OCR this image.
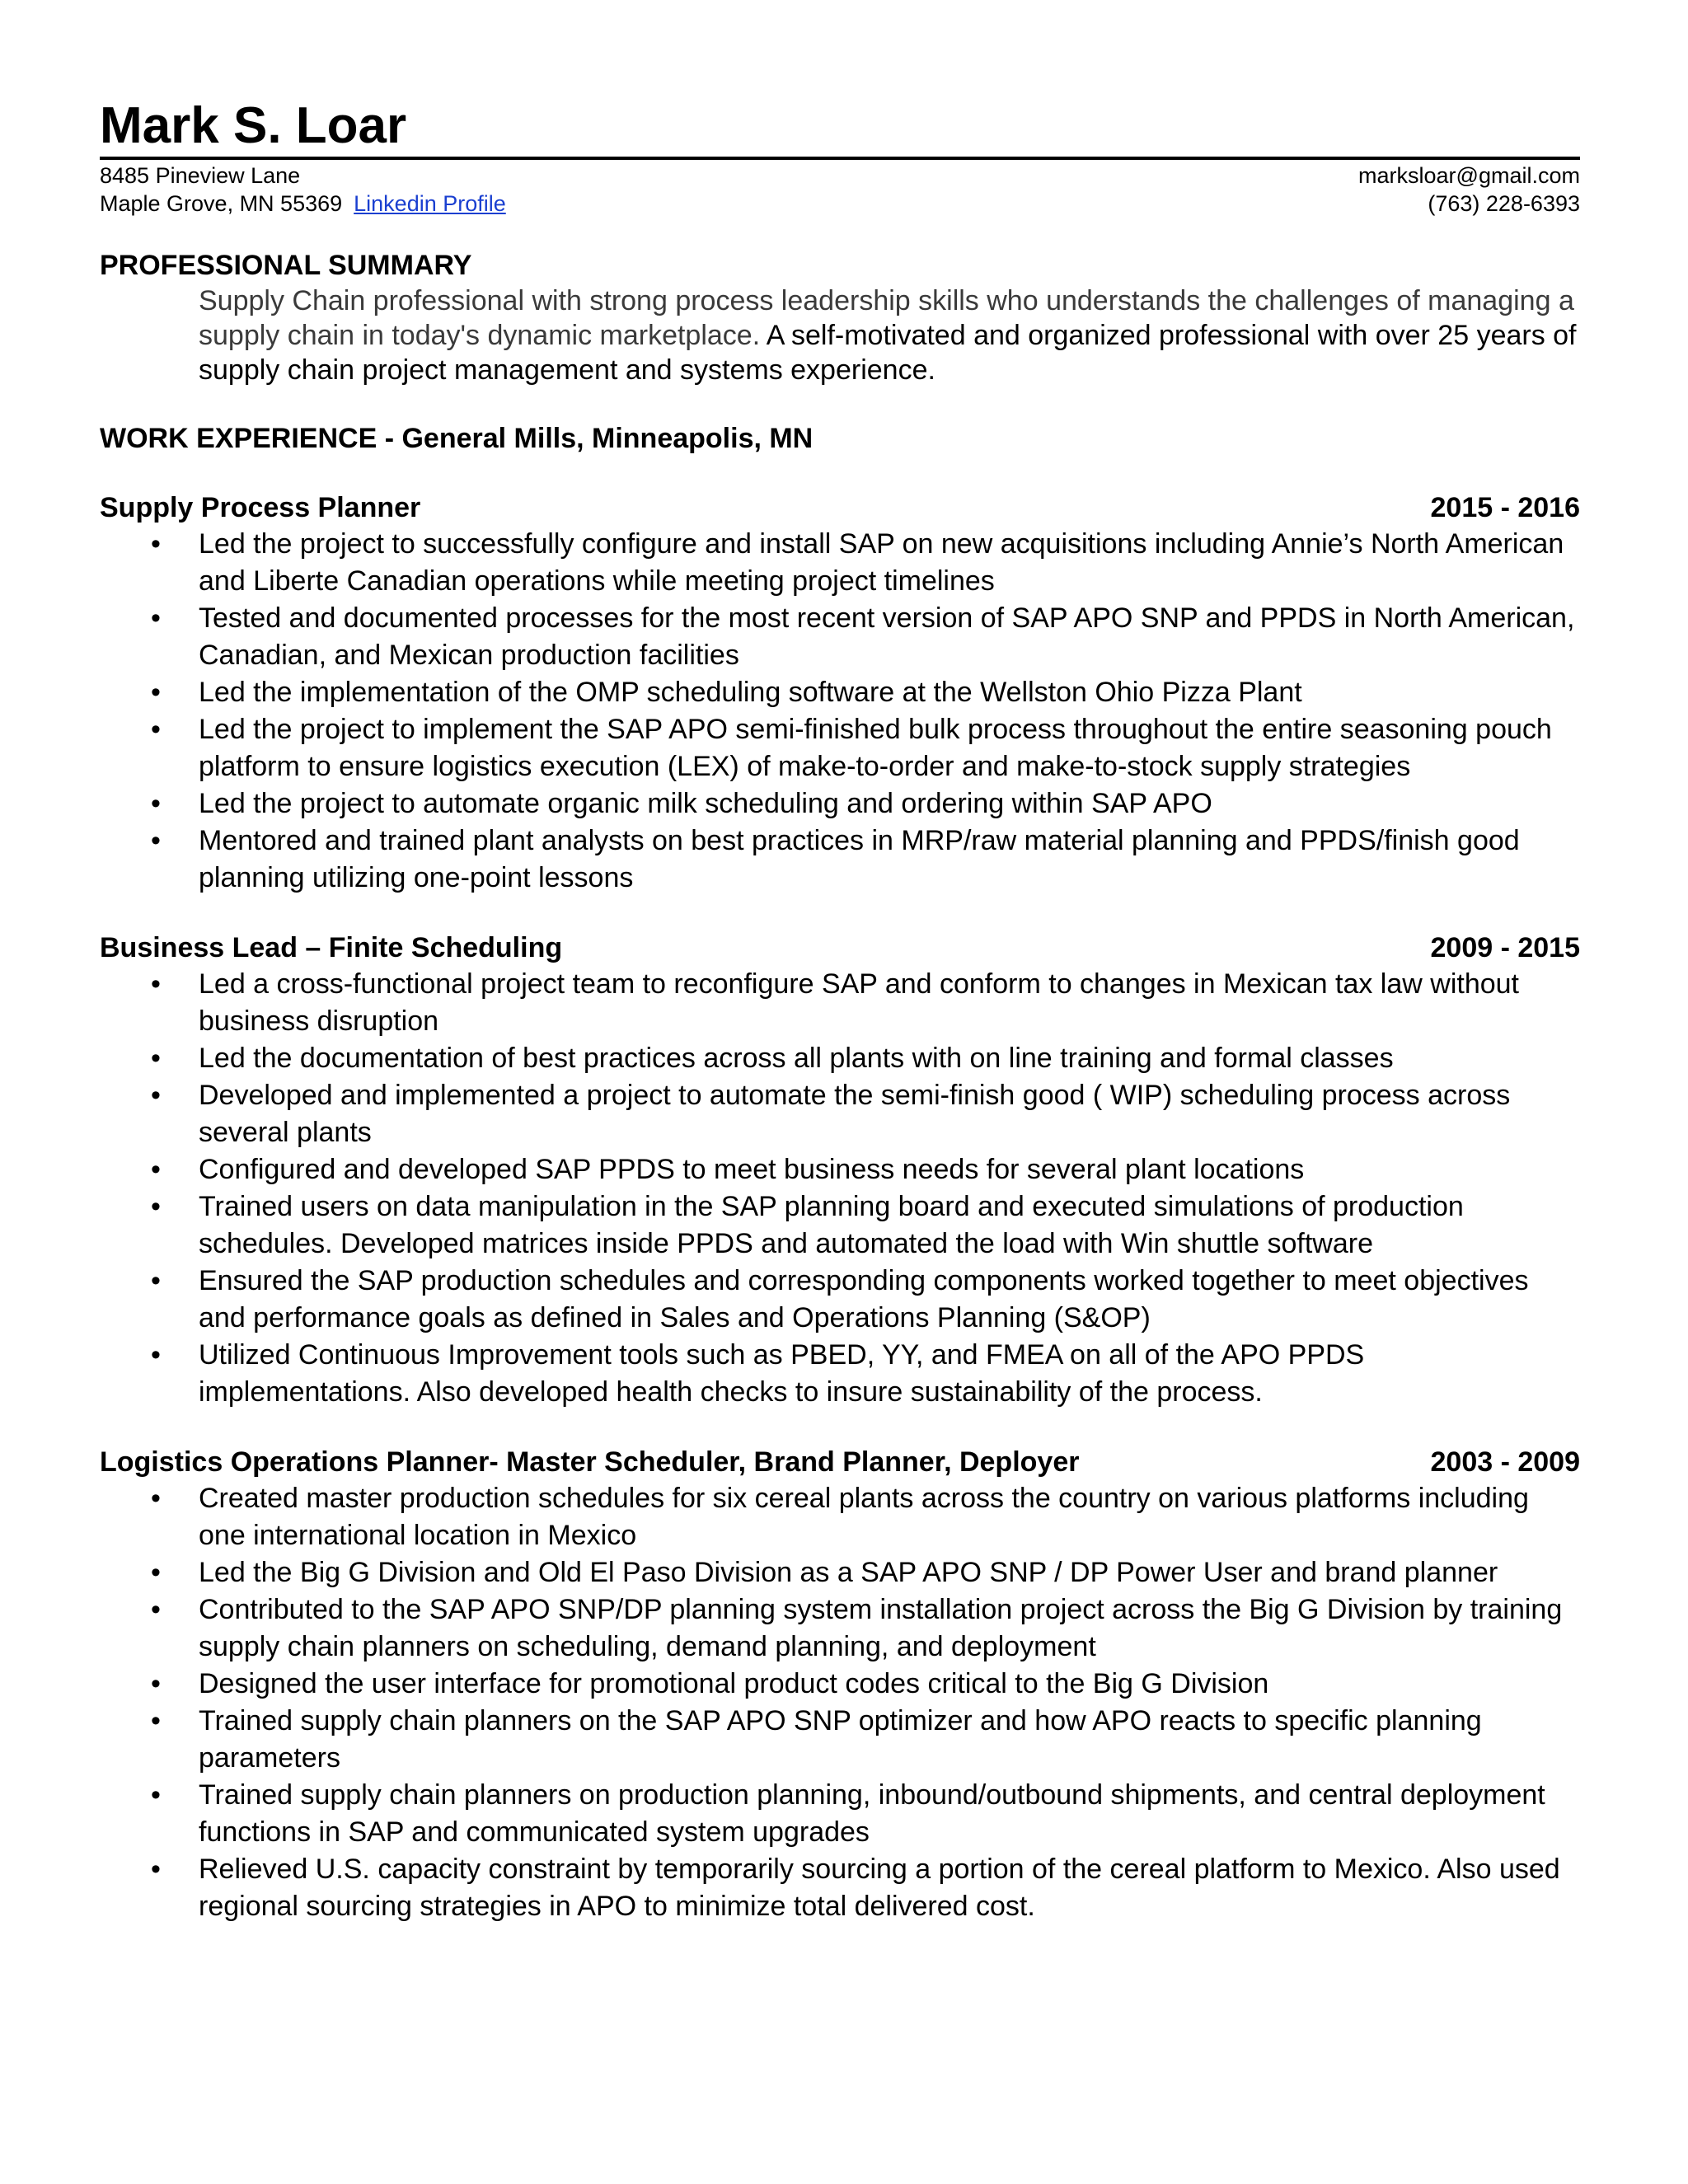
Mark S. Loar
8485 Pineview Lane	marksloar@gmail.com
Maple Grove, MN 55369 Linkedin Profile	(763) 228-6393
PROFESSIONAL SUMMARY

Supply Chain professional with strong process leadership skills who understands the challenges of managing a supply chain in today's dynamic marketplace. A self-motivated and organized professional with over 25 years of supply chain project management and systems experience.

WORK EXPERIENCE - General Mills, Minneapolis, MN
Supply Process Planner	2015 - 2016
• Led the project to successfully configure and install SAP on new acquisitions including Annie’s North American and Liberte Canadian operations while meeting project timelines
• Tested and documented processes for the most recent version of SAP APO SNP and PPDS in North American, Canadian, and Mexican production facilities
• Led the implementation of the OMP scheduling software at the Wellston Ohio Pizza Plant
• Led the project to implement the SAP APO semi-finished bulk process throughout the entire seasoning pouch platform to ensure logistics execution (LEX) of make-to-order and make-to-stock supply strategies
• Led the project to automate organic milk scheduling and ordering within SAP APO
• Mentored and trained plant analysts on best practices in MRP/raw material planning and PPDS/finish good planning utilizing one-point lessons
Business Lead – Finite Scheduling	2009 - 2015
• Led a cross-functional project team to reconfigure SAP and conform to changes in Mexican tax law without business disruption
• Led the documentation of best practices across all plants with on line training and formal classes
• Developed and implemented a project to automate the semi-finish good ( WIP) scheduling process across several plants
• Configured and developed SAP PPDS to meet business needs for several plant locations
• Trained users on data manipulation in the SAP planning board and executed simulations of production schedules. Developed matrices inside PPDS and automated the load with Win shuttle software
• Ensured the SAP production schedules and corresponding components worked together to meet objectives and performance goals as defined in Sales and Operations Planning (S&OP)
• Utilized Continuous Improvement tools such as PBED, YY, and FMEA on all of the APO PPDS implementations. Also developed health checks to insure sustainability of the process.
Logistics Operations Planner- Master Scheduler, Brand Planner, Deployer	2003 - 2009
• Created master production schedules for six cereal plants across the country on various platforms including one international location in Mexico
• Led the Big G Division and Old El Paso Division as a SAP APO SNP / DP Power User and brand planner
• Contributed to the SAP APO SNP/DP planning system installation project across the Big G Division by training supply chain planners on scheduling, demand planning, and deployment
• Designed the user interface for promotional product codes critical to the Big G Division
• Trained supply chain planners on the SAP APO SNP optimizer and how APO reacts to specific planning parameters
• Trained supply chain planners on production planning, inbound/outbound shipments, and central deployment functions in SAP and communicated system upgrades
• Relieved U.S. capacity constraint by temporarily sourcing a portion of the cereal platform to Mexico. Also used regional sourcing strategies in APO to minimize total delivered cost.
